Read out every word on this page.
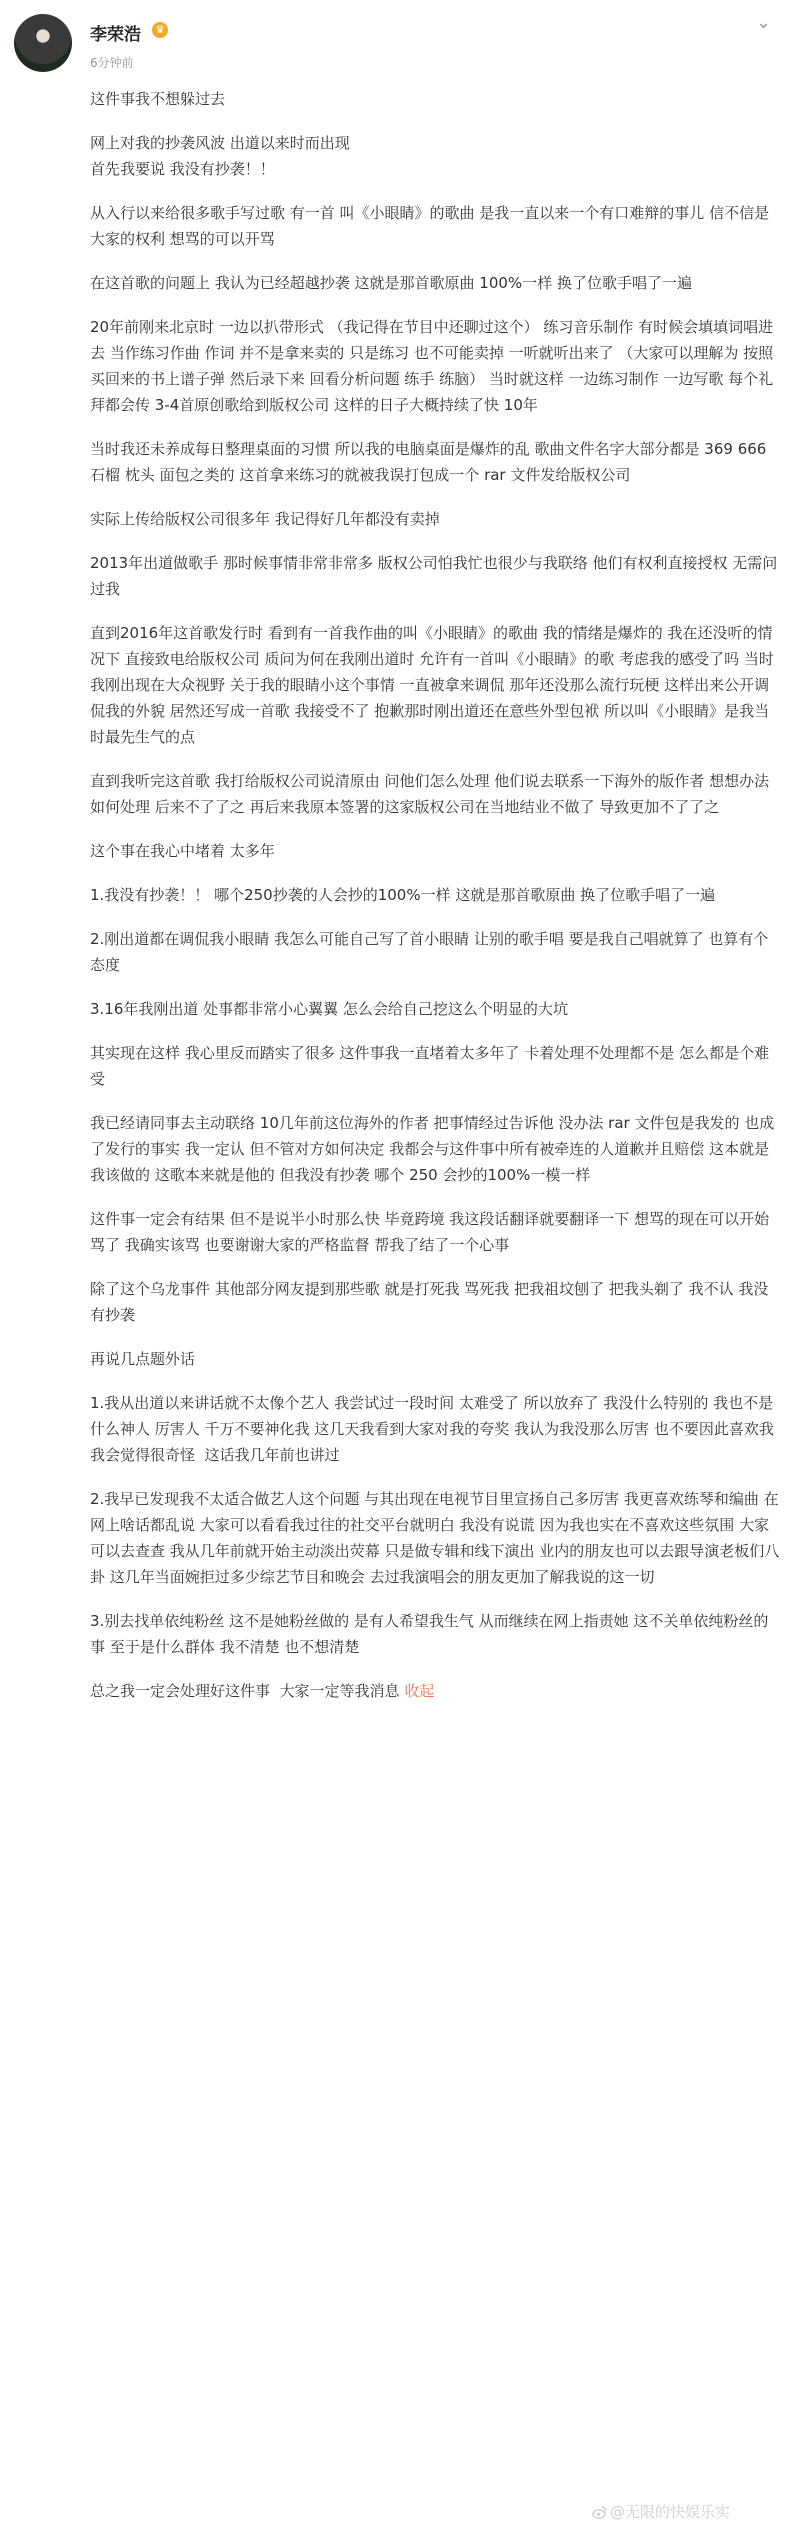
李荣浩 ♛
6分钟前
⌄
这件事我不想躲过去
网上对我的抄袭风波 出道以来时而出现
首先我要说 我没有抄袭！！
从入行以来给很多歌手写过歌 有一首 叫《小眼睛》的歌曲 是我一直以来一个有口难辩的事儿 信不信是大家的权利 想骂的可以开骂
在这首歌的问题上 我认为已经超越抄袭 这就是那首歌原曲 100%一样 换了位歌手唱了一遍
20年前刚来北京时 一边以扒带形式 （我记得在节目中还聊过这个） 练习音乐制作 有时候会填填词唱进去 当作练习作曲 作词 并不是拿来卖的 只是练习 也不可能卖掉 一听就听出来了 （大家可以理解为 按照买回来的书上谱子弹 然后录下来 回看分析问题 练手 练脑） 当时就这样 一边练习制作 一边写歌 每个礼拜都会传 3-4首原创歌给到版权公司 这样的日子大概持续了快 10年
当时我还未养成每日整理桌面的习惯 所以我的电脑桌面是爆炸的乱 歌曲文件名字大部分都是 369 666 石榴 枕头 面包之类的 这首拿来练习的就被我误打包成一个 rar 文件发给版权公司
实际上传给版权公司很多年 我记得好几年都没有卖掉
2013年出道做歌手 那时候事情非常非常多 版权公司怕我忙也很少与我联络 他们有权利直接授权 无需问过我
直到2016年这首歌发行时 看到有一首我作曲的叫《小眼睛》的歌曲 我的情绪是爆炸的 我在还没听的情况下 直接致电给版权公司 质问为何在我刚出道时 允许有一首叫《小眼睛》的歌 考虑我的感受了吗 当时我刚出现在大众视野 关于我的眼睛小这个事情 一直被拿来调侃 那年还没那么流行玩梗 这样出来公开调侃我的外貌 居然还写成一首歌 我接受不了 抱歉那时刚出道还在意些外型包袱 所以叫《小眼睛》是我当时最先生气的点
直到我听完这首歌 我打给版权公司说清原由 问他们怎么处理 他们说去联系一下海外的版作者 想想办法 如何处理 后来不了了之 再后来我原本签署的这家版权公司在当地结业不做了 导致更加不了了之
这个事在我心中堵着 太多年
1.我没有抄袭！！ 哪个250抄袭的人会抄的100%一样 这就是那首歌原曲 换了位歌手唱了一遍
2.刚出道都在调侃我小眼睛 我怎么可能自己写了首小眼睛 让别的歌手唱 要是我自己唱就算了 也算有个态度
3.16年我刚出道 处事都非常小心翼翼 怎么会给自己挖这么个明显的大坑
其实现在这样 我心里反而踏实了很多 这件事我一直堵着太多年了 卡着处理不处理都不是 怎么都是个难受
我已经请同事去主动联络 10几年前这位海外的作者 把事情经过告诉他 没办法 rar 文件包是我发的 也成了发行的事实 我一定认 但不管对方如何决定 我都会与这件事中所有被牵连的人道歉并且赔偿 这本就是我该做的 这歌本来就是他的 但我没有抄袭 哪个 250 会抄的100%一模一样
这件事一定会有结果 但不是说半小时那么快 毕竟跨境 我这段话翻译就要翻译一下 想骂的现在可以开始骂了 我确实该骂 也要谢谢大家的严格监督 帮我了结了一个心事
除了这个乌龙事件 其他部分网友提到那些歌 就是打死我 骂死我 把我祖坟刨了 把我头剃了 我不认 我没有抄袭
再说几点题外话
1.我从出道以来讲话就不太像个艺人 我尝试过一段时间 太难受了 所以放弃了 我没什么特别的 我也不是什么神人 厉害人 千万不要神化我 这几天我看到大家对我的夸奖 我认为我没那么厉害 也不要因此喜欢我 我会觉得很奇怪  这话我几年前也讲过
2.我早已发现我不太适合做艺人这个问题 与其出现在电视节目里宣扬自己多厉害 我更喜欢练琴和编曲 在网上啥话都乱说 大家可以看看我过往的社交平台就明白 我没有说谎 因为我也实在不喜欢这些氛围 大家可以去查查 我从几年前就开始主动淡出荧幕 只是做专辑和线下演出 业内的朋友也可以去跟导演老板们八卦 这几年当面婉拒过多少综艺节目和晚会 去过我演唱会的朋友更加了解我说的这一切
3.别去找单依纯粉丝 这不是她粉丝做的 是有人希望我生气 从而继续在网上指责她 这不关单依纯粉丝的事 至于是什么群体 我不清楚 也不想清楚
总之我一定会处理好这件事  大家一定等我消息 收起
@无限的快娱乐实
